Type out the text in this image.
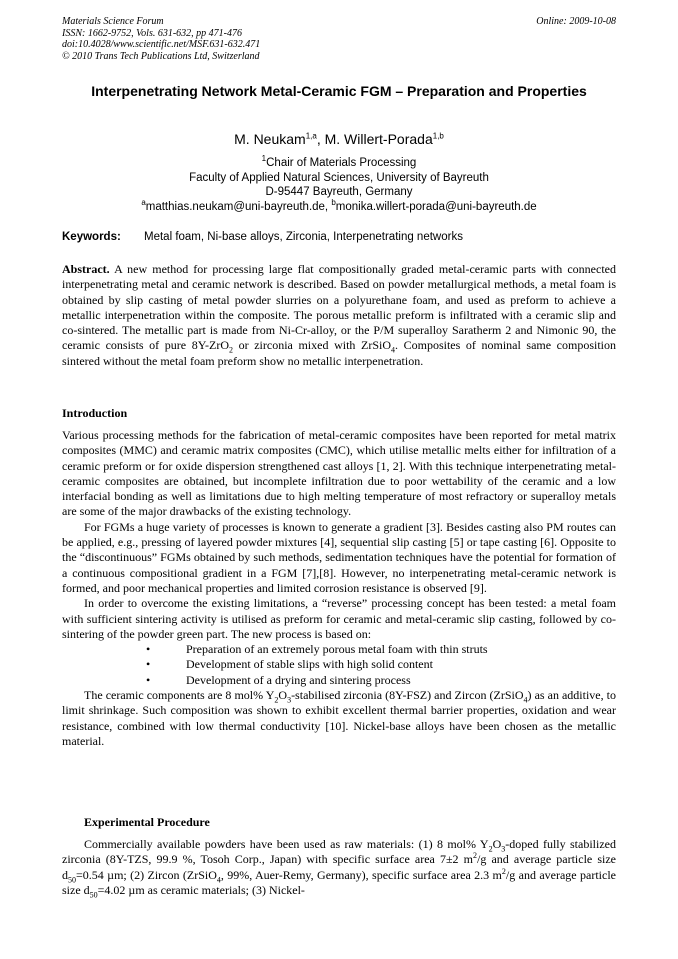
Materials Science Forum
ISSN: 1662-9752, Vols. 631-632, pp 471-476
doi:10.4028/www.scientific.net/MSF.631-632.471
© 2010 Trans Tech Publications Ltd, Switzerland
Online: 2009-10-08
Interpenetrating Network Metal-Ceramic FGM – Preparation and Properties
M. Neukam$^{1,a}$, M. Willert-Porada$^{1,b}$
$^1$Chair of Materials Processing
Faculty of Applied Natural Sciences, University of Bayreuth
D-95447 Bayreuth, Germany
$^a$matthias.neukam@uni-bayreuth.de, $^b$monika.willert-porada@uni-bayreuth.de
Keywords: Metal foam, Ni-base alloys, Zirconia, Interpenetrating networks

Abstract. A new method for processing large flat compositionally graded metal-ceramic parts with connected interpenetrating metal and ceramic network is described. Based on powder metallurgical methods, a metal foam is obtained by slip casting of metal powder slurries on a polyurethane foam, and used as preform to achieve a metallic interpenetration within the composite. The porous metallic preform is infiltrated with a ceramic slip and co-sintered. The metallic part is made from Ni-Cr-alloy, or the P/M superalloy Saratherm 2 and Nimonic 90, the ceramic consists of pure 8Y-ZrO$_2$ or zirconia mixed with ZrSiO$_4$. Composites of nominal same composition sintered without the metal foam preform show no metallic interpenetration.

Introduction

Various processing methods for the fabrication of metal-ceramic composites have been reported for metal matrix composites (MMC) and ceramic matrix composites (CMC), which utilise metallic melts either for infiltration of a ceramic preform or for oxide dispersion strengthened cast alloys [1, 2]. With this technique interpenetrating metal-ceramic composites are obtained, but incomplete infiltration due to poor wettability of the ceramic and a low interfacial bonding as well as limitations due to high melting temperature of most refractory or superalloy metals are some of the major drawbacks of the existing technology.

For FGMs a huge variety of processes is known to generate a gradient [3]. Besides casting also PM routes can be applied, e.g., pressing of layered powder mixtures [4], sequential slip casting [5] or tape casting [6]. Opposite to the “discontinuous” FGMs obtained by such methods, sedimentation techniques have the potential for formation of a continuous compositional gradient in a FGM [7],[8]. However, no interpenetrating metal-ceramic network is formed, and poor mechanical properties and limited corrosion resistance is observed [9].

In order to overcome the existing limitations, a “reverse” processing concept has been tested: a metal foam with sufficient sintering activity is utilised as preform for ceramic and metal-ceramic slip casting, followed by co-sintering of the powder green part. The new process is based on:

•	Preparation of an extremely porous metal foam with thin struts
•	Development of stable slips with high solid content
•	Development of a drying and sintering process

The ceramic components are 8 mol% $Y_2O_3$-stabilised zirconia (8Y-FSZ) and Zircon (ZrSiO$_4$) as an additive, to limit shrinkage. Such composition was shown to exhibit excellent thermal barrier properties, oxidation and wear resistance, combined with low thermal conductivity [10]. Nickel-base alloys have been chosen as the metallic material.

Experimental Procedure

Commercially available powders have been used as raw materials: (1) 8 mol% $Y_2O_3$-doped fully stabilized zirconia (8Y-TZS, 99.9 %, Tosoh Corp., Japan) with specific surface area 7±2 $m^2/g$ and average particle size $d_{50}=0.54$ µm; (2) Zircon (ZrSiO$_4$, 99%, Auer-Remy, Germany), specific surface area 2.3 $m^2/g$ and average particle size $d_{50}=4.02$ µm as ceramic materials; (3) Nickel-
